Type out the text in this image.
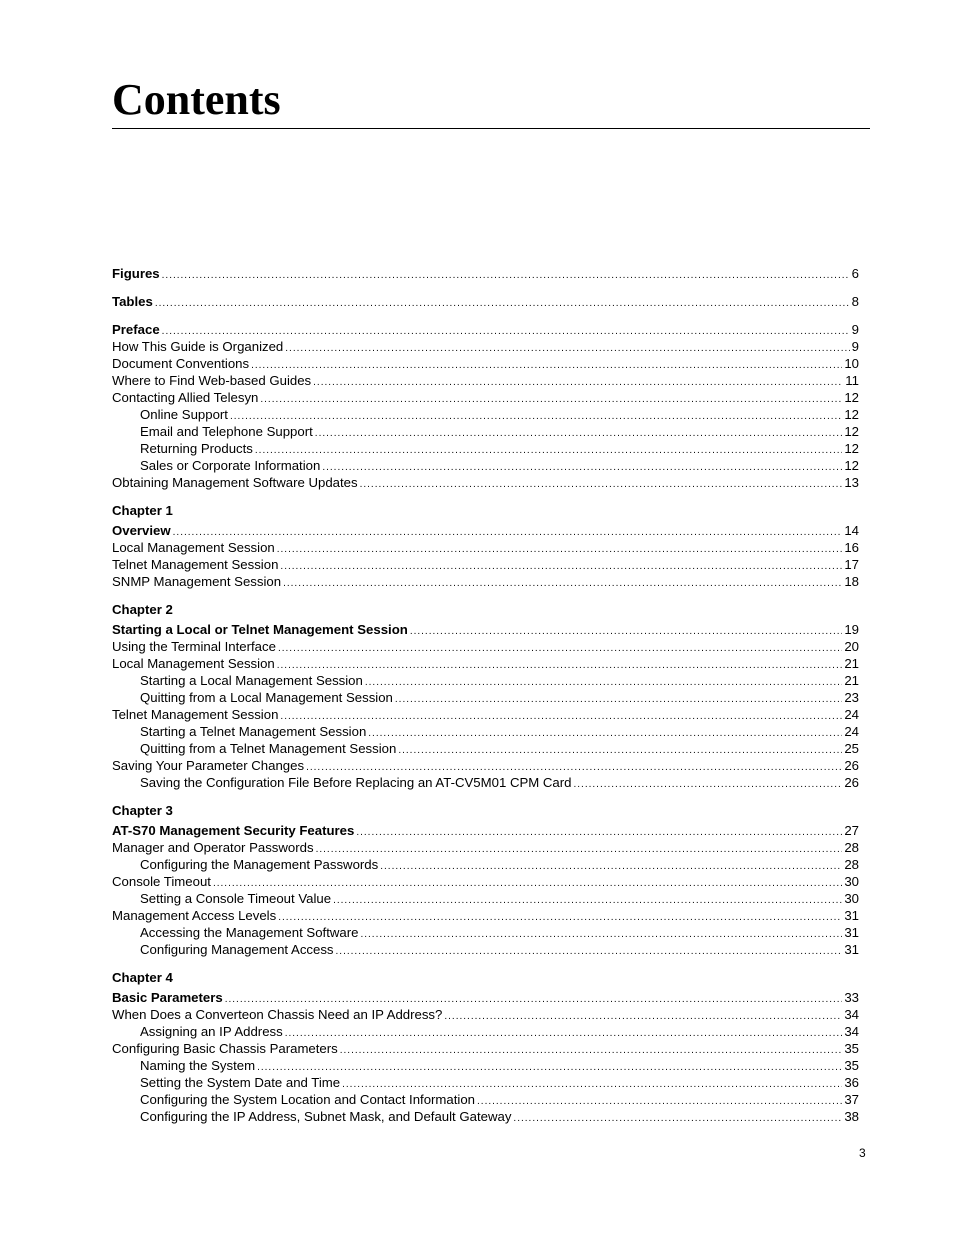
Contents
Figures .....	6
Tables .....	8
Preface .....	9
How This Guide is Organized .....	9
Document Conventions .....	10
Where to Find Web-based Guides .....	11
Contacting Allied Telesyn .....	12
Online Support .....	12
Email and Telephone Support .....	12
Returning Products .....	12
Sales or Corporate Information .....	12
Obtaining Management Software Updates .....	13
Chapter 1
Overview .....	14
Local Management Session .....	16
Telnet Management Session .....	17
SNMP Management Session .....	18
Chapter 2
Starting a Local or Telnet Management Session .....	19
Using the Terminal Interface .....	20
Local Management Session .....	21
Starting a Local Management Session .....	21
Quitting from a Local Management Session .....	23
Telnet Management Session .....	24
Starting a Telnet Management Session .....	24
Quitting from a Telnet Management Session .....	25
Saving Your Parameter Changes .....	26
Saving the Configuration File Before Replacing an AT-CV5M01 CPM Card .....	26
Chapter 3
AT-S70 Management Security Features .....	27
Manager and Operator Passwords .....	28
Configuring the Management Passwords .....	28
Console Timeout .....	30
Setting a Console Timeout Value .....	30
Management Access Levels .....	31
Accessing the Management Software .....	31
Configuring Management Access .....	31
Chapter 4
Basic Parameters .....	33
When Does a Converteon Chassis Need an IP Address? .....	34
Assigning an IP Address .....	34
Configuring Basic Chassis Parameters .....	35
Naming the System .....	35
Setting the System Date and Time .....	36
Configuring the System Location and Contact Information .....	37
Configuring the IP Address, Subnet Mask, and Default Gateway .....	38
3
